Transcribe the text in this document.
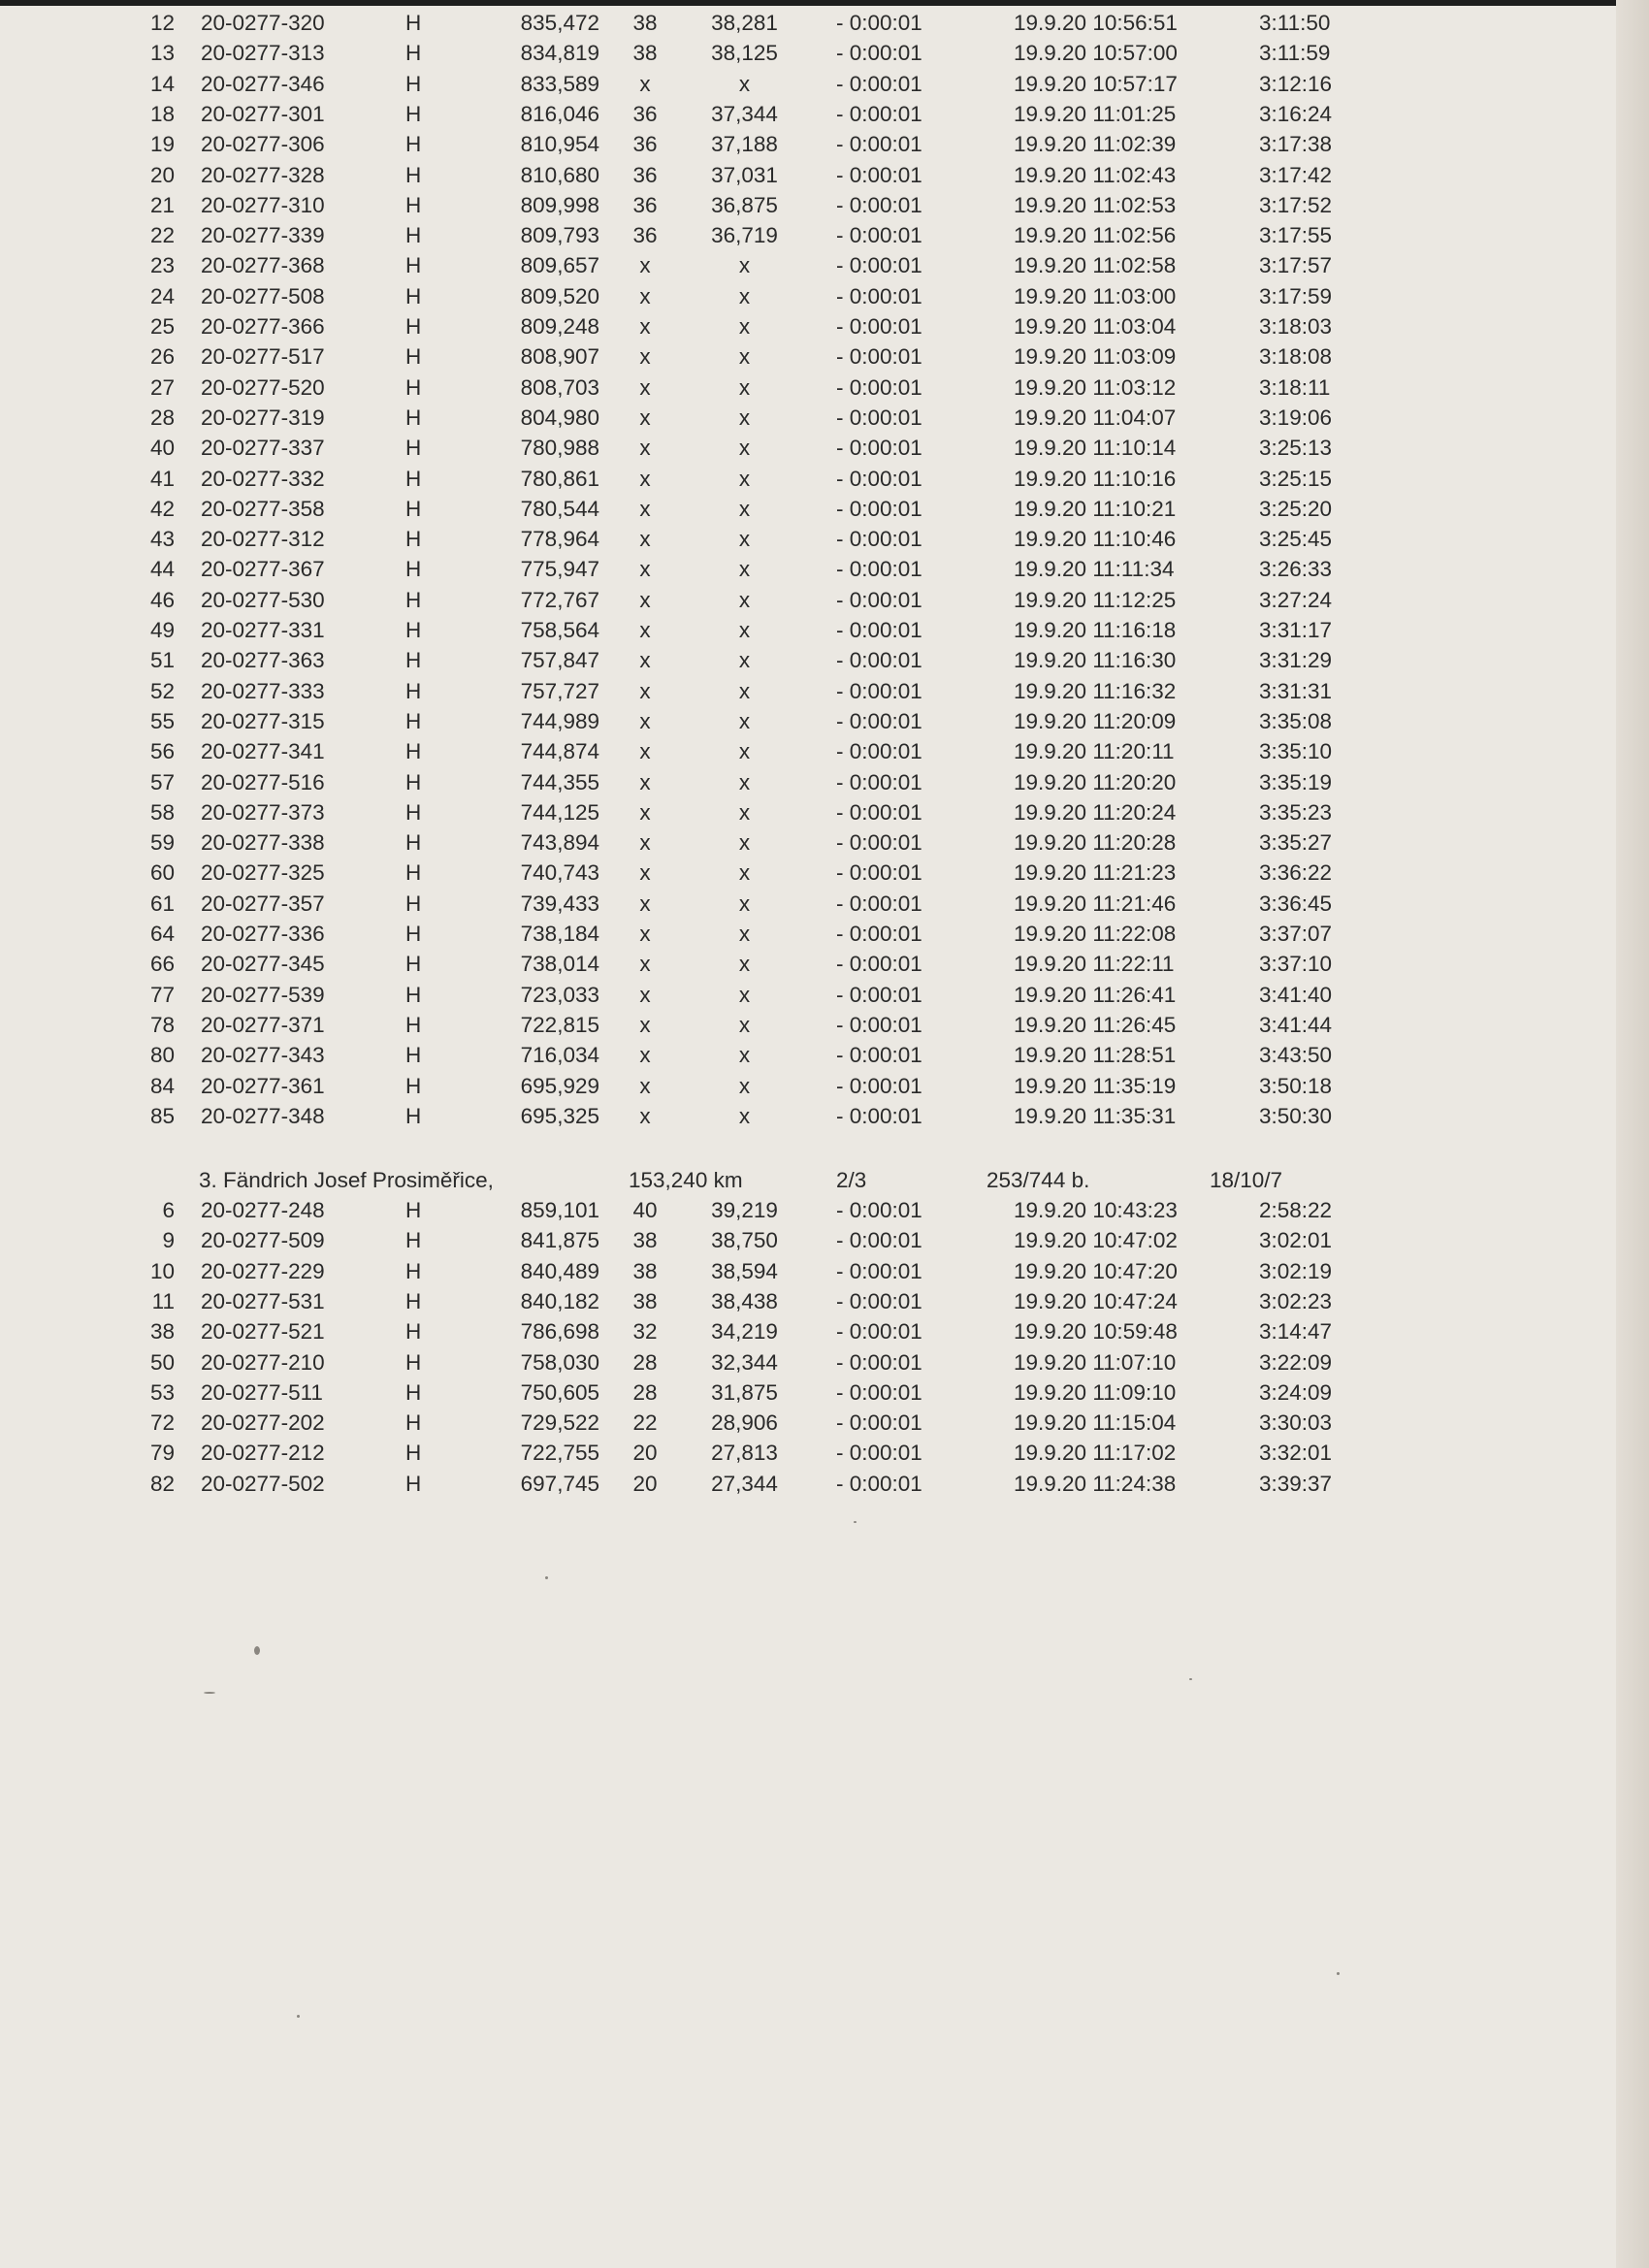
12 20-0277-320	H	835,472	38	38,281	- 0:00:01	19.9.20 10:56:51	3:11:50
13 20-0277-313	H	834,819	38	38,125	- 0:00:01	19.9.20 10:57:00	3:11:59
14 20-0277-346	H	833,589	x	x	- 0:00:01	19.9.20 10:57:17	3:12:16
18 20-0277-301	H	816,046	36	37,344	- 0:00:01	19.9.20 11:01:25	3:16:24
19 20-0277-306	H	810,954	36	37,188	- 0:00:01	19.9.20 11:02:39	3:17:38
20 20-0277-328	H	810,680	36	37,031	- 0:00:01	19.9.20 11:02:43	3:17:42
21 20-0277-310	H	809,998	36	36,875	- 0:00:01	19.9.20 11:02:53	3:17:52
22 20-0277-339	H	809,793	36	36,719	- 0:00:01	19.9.20 11:02:56	3:17:55
23 20-0277-368	H	809,657	x	x	- 0:00:01	19.9.20 11:02:58	3:17:57
24 20-0277-508	H	809,520	x	x	- 0:00:01	19.9.20 11:03:00	3:17:59
25 20-0277-366	H	809,248	x	x	- 0:00:01	19.9.20 11:03:04	3:18:03
26 20-0277-517	H	808,907	x	x	- 0:00:01	19.9.20 11:03:09	3:18:08
27 20-0277-520	H	808,703	x	x	- 0:00:01	19.9.20 11:03:12	3:18:11
28 20-0277-319	H	804,980	x	x	- 0:00:01	19.9.20 11:04:07	3:19:06
40 20-0277-337	H	780,988	x	x	- 0:00:01	19.9.20 11:10:14	3:25:13
41 20-0277-332	H	780,861	x	x	- 0:00:01	19.9.20 11:10:16	3:25:15
42 20-0277-358	H	780,544	x	x	- 0:00:01	19.9.20 11:10:21	3:25:20
43 20-0277-312	H	778,964	x	x	- 0:00:01	19.9.20 11:10:46	3:25:45
44 20-0277-367	H	775,947	x	x	- 0:00:01	19.9.20 11:11:34	3:26:33
46 20-0277-530	H	772,767	x	x	- 0:00:01	19.9.20 11:12:25	3:27:24
49 20-0277-331	H	758,564	x	x	- 0:00:01	19.9.20 11:16:18	3:31:17
51 20-0277-363	H	757,847	x	x	- 0:00:01	19.9.20 11:16:30	3:31:29
52 20-0277-333	H	757,727	x	x	- 0:00:01	19.9.20 11:16:32	3:31:31
55 20-0277-315	H	744,989	x	x	- 0:00:01	19.9.20 11:20:09	3:35:08
56 20-0277-341	H	744,874	x	x	- 0:00:01	19.9.20 11:20:11	3:35:10
57 20-0277-516	H	744,355	x	x	- 0:00:01	19.9.20 11:20:20	3:35:19
58 20-0277-373	H	744,125	x	x	- 0:00:01	19.9.20 11:20:24	3:35:23
59 20-0277-338	H	743,894	x	x	- 0:00:01	19.9.20 11:20:28	3:35:27
60 20-0277-325	H	740,743	x	x	- 0:00:01	19.9.20 11:21:23	3:36:22
61 20-0277-357	H	739,433	x	x	- 0:00:01	19.9.20 11:21:46	3:36:45
64 20-0277-336	H	738,184	x	x	- 0:00:01	19.9.20 11:22:08	3:37:07
66 20-0277-345	H	738,014	x	x	- 0:00:01	19.9.20 11:22:11	3:37:10
77 20-0277-539	H	723,033	x	x	- 0:00:01	19.9.20 11:26:41	3:41:40
78 20-0277-371	H	722,815	x	x	- 0:00:01	19.9.20 11:26:45	3:41:44
80 20-0277-343	H	716,034	x	x	- 0:00:01	19.9.20 11:28:51	3:43:50
84 20-0277-361	H	695,929	x	x	- 0:00:01	19.9.20 11:35:19	3:50:18
85 20-0277-348	H	695,325	x	x	- 0:00:01	19.9.20 11:35:31	3:50:30
3. Fändrich Josef Prosiměřice,	153,240 km	2/3	253/744 b.	18/10/7
6 20-0277-248	H	859,101	40	39,219	- 0:00:01	19.9.20 10:43:23	2:58:22
9 20-0277-509	H	841,875	38	38,750	- 0:00:01	19.9.20 10:47:02	3:02:01
10 20-0277-229	H	840,489	38	38,594	- 0:00:01	19.9.20 10:47:20	3:02:19
11 20-0277-531	H	840,182	38	38,438	- 0:00:01	19.9.20 10:47:24	3:02:23
38 20-0277-521	H	786,698	32	34,219	- 0:00:01	19.9.20 10:59:48	3:14:47
50 20-0277-210	H	758,030	28	32,344	- 0:00:01	19.9.20 11:07:10	3:22:09
53 20-0277-511	H	750,605	28	31,875	- 0:00:01	19.9.20 11:09:10	3:24:09
72 20-0277-202	H	729,522	22	28,906	- 0:00:01	19.9.20 11:15:04	3:30:03
79 20-0277-212	H	722,755	20	27,813	- 0:00:01	19.9.20 11:17:02	3:32:01
82 20-0277-502	H	697,745	20	27,344	- 0:00:01	19.9.20 11:24:38	3:39:37
